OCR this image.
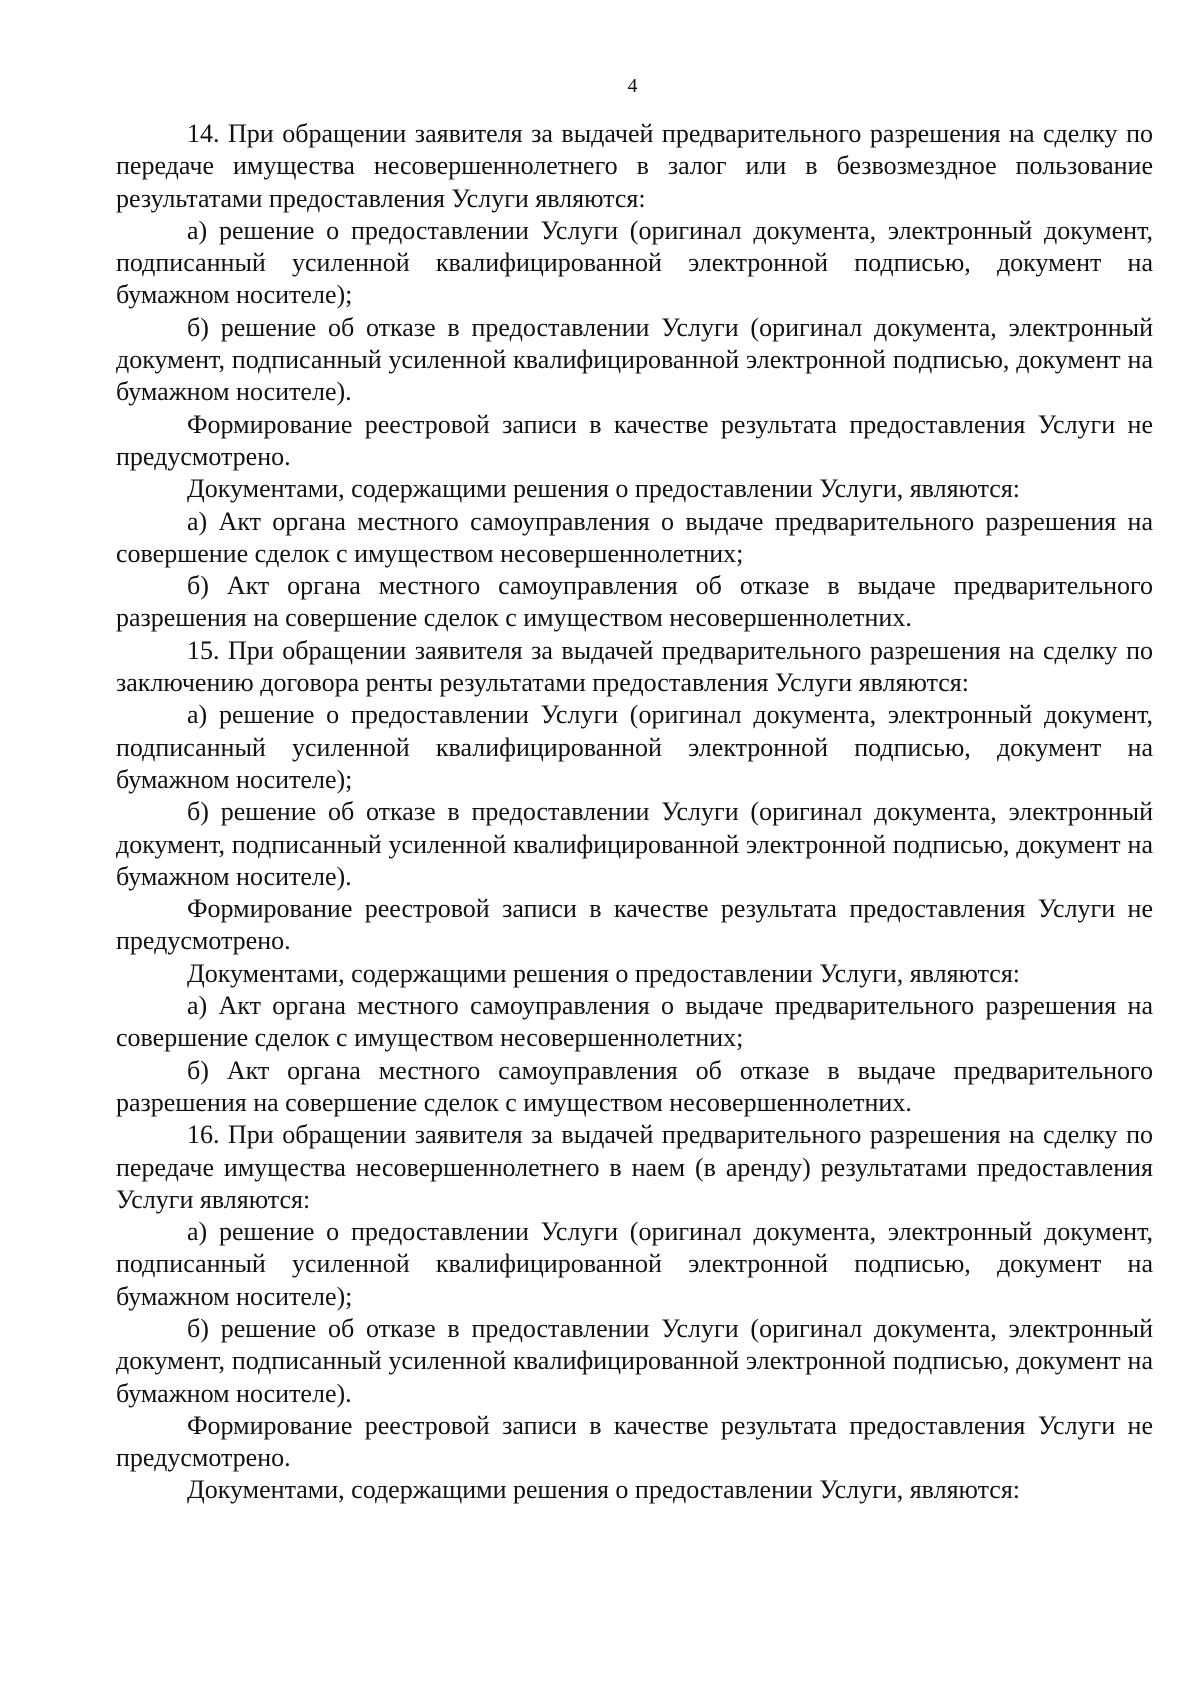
4

14. При обращении заявителя за выдачей предварительного разрешения на сделку по передаче имущества несовершеннолетнего в залог или в безвозмездное пользование результатами предоставления Услуги являются:

а) решение о предоставлении Услуги (оригинал документа, электронный документ, подписанный усиленной квалифицированной электронной подписью, документ на бумажном носителе);

б) решение об отказе в предоставлении Услуги (оригинал документа, электронный документ, подписанный усиленной квалифицированной электронной подписью, документ на бумажном носителе).

Формирование реестровой записи в качестве результата предоставления Услуги не предусмотрено.

Документами, содержащими решения о предоставлении Услуги, являются:

а) Акт органа местного самоуправления о выдаче предварительного разрешения на совершение сделок с имуществом несовершеннолетних;

б) Акт органа местного самоуправления об отказе в выдаче предварительного разрешения на совершение сделок с имуществом несовершеннолетних.

15. При обращении заявителя за выдачей предварительного разрешения на сделку по заключению договора ренты результатами предоставления Услуги являются:

а) решение о предоставлении Услуги (оригинал документа, электронный документ, подписанный усиленной квалифицированной электронной подписью, документ на бумажном носителе);

б) решение об отказе в предоставлении Услуги (оригинал документа, электронный документ, подписанный усиленной квалифицированной электронной подписью, документ на бумажном носителе).

Формирование реестровой записи в качестве результата предоставления Услуги не предусмотрено.

Документами, содержащими решения о предоставлении Услуги, являются:

а) Акт органа местного самоуправления о выдаче предварительного разрешения на совершение сделок с имуществом несовершеннолетних;

б) Акт органа местного самоуправления об отказе в выдаче предварительного разрешения на совершение сделок с имуществом несовершеннолетних.

16. При обращении заявителя за выдачей предварительного разрешения на сделку по передаче имущества несовершеннолетнего в наем (в аренду) результатами предоставления Услуги являются:

а) решение о предоставлении Услуги (оригинал документа, электронный документ, подписанный усиленной квалифицированной электронной подписью, документ на бумажном носителе);

б) решение об отказе в предоставлении Услуги (оригинал документа, электронный документ, подписанный усиленной квалифицированной электронной подписью, документ на бумажном носителе).

Формирование реестровой записи в качестве результата предоставления Услуги не предусмотрено.

Документами, содержащими решения о предоставлении Услуги, являются:
